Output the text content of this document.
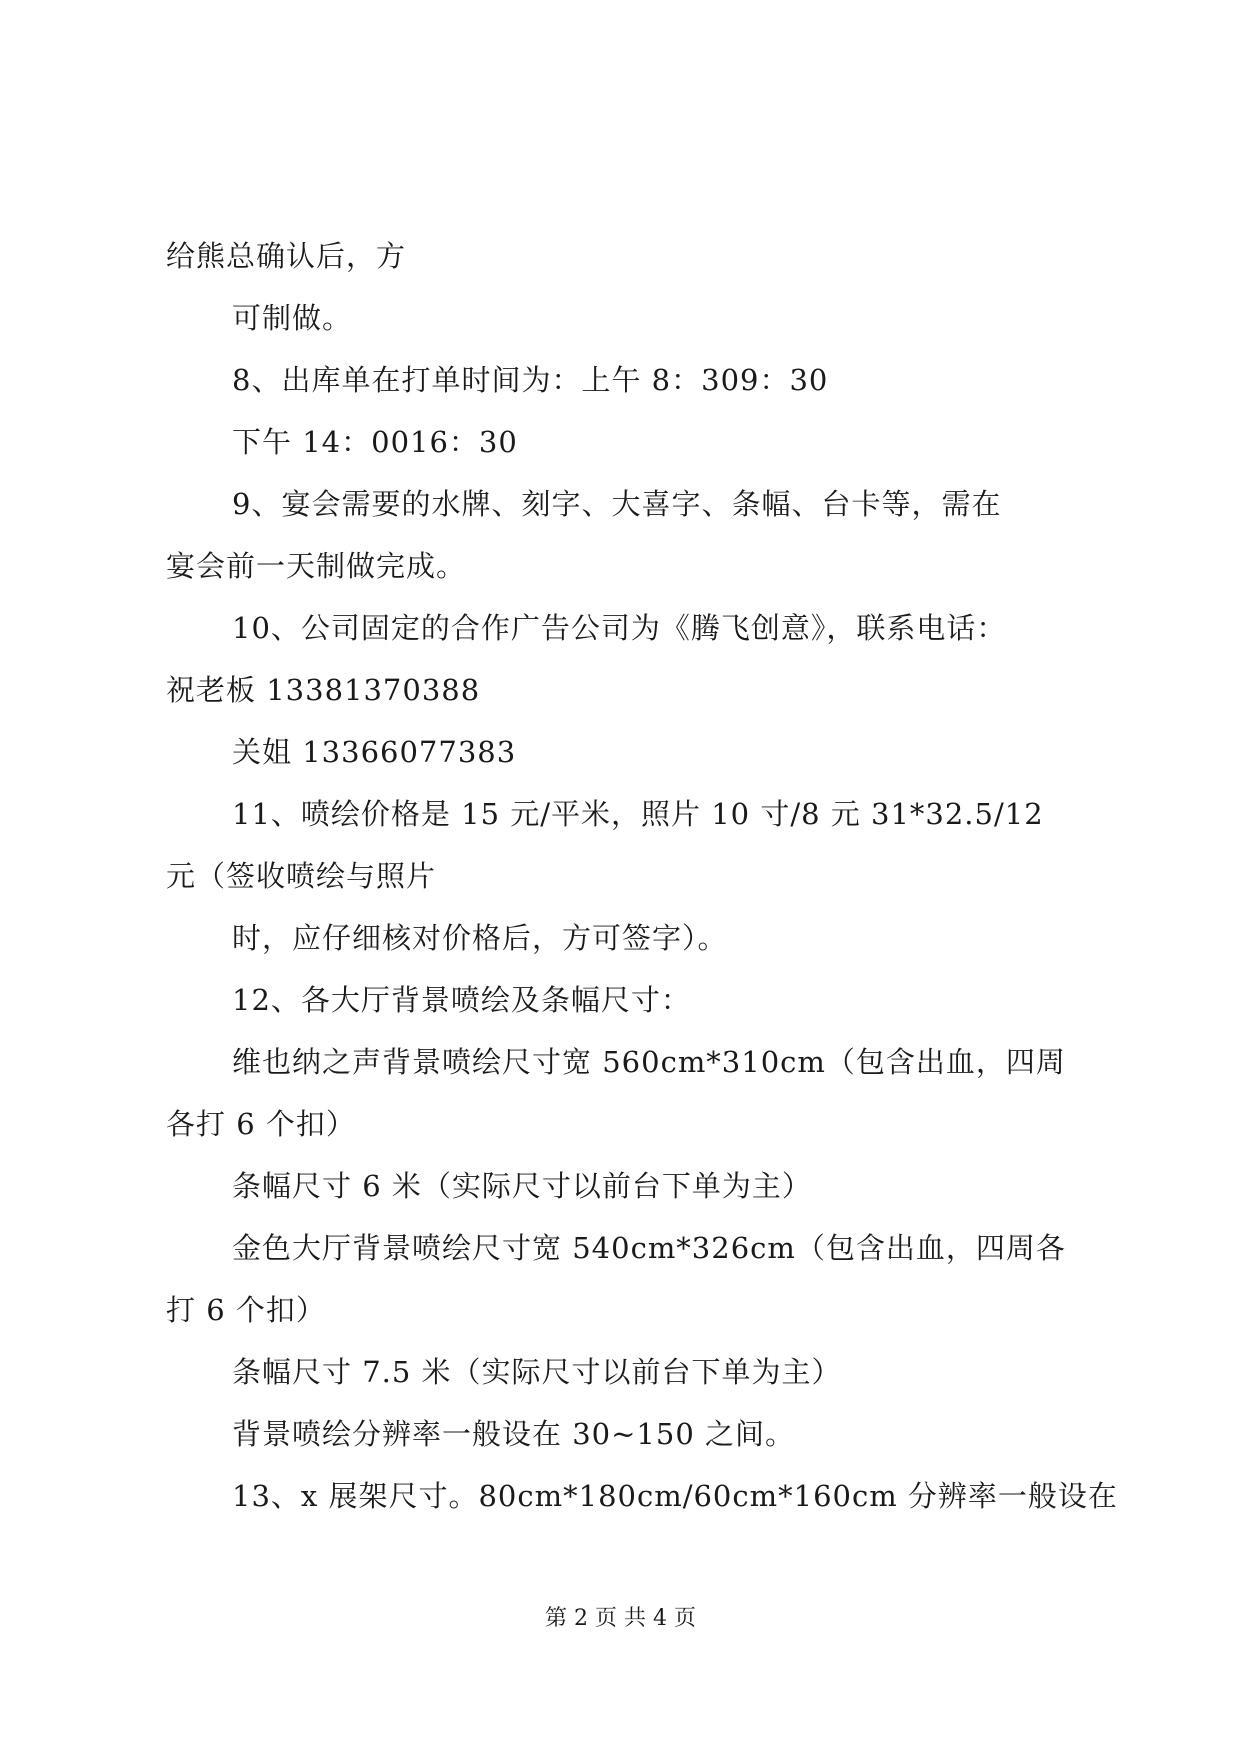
给熊总确认后，方
可制做。
8、出库单在打单时间为：上午 8：309：30
下午 14：0016：30
9、宴会需要的水牌、刻字、大喜字、条幅、台卡等，需在
宴会前一天制做完成。
10、公司固定的合作广告公司为《腾飞创意》，联系电话：
祝老板 13381370388
关姐 13366077383
11、喷绘价格是 15 元/平米，照片 10 寸/8 元 31*32.5/12
元（签收喷绘与照片
时，应仔细核对价格后，方可签字）。
12、各大厅背景喷绘及条幅尺寸：
维也纳之声背景喷绘尺寸宽 560cm*310cm（包含出血，四周
各打 6 个扣）
条幅尺寸 6 米（实际尺寸以前台下单为主）
金色大厅背景喷绘尺寸宽 540cm*326cm（包含出血，四周各
打 6 个扣）
条幅尺寸 7.5 米（实际尺寸以前台下单为主）
背景喷绘分辨率一般设在 30~150 之间。
13、x 展架尺寸。80cm*180cm/60cm*160cm 分辨率一般设在
第 2 页 共 4 页
